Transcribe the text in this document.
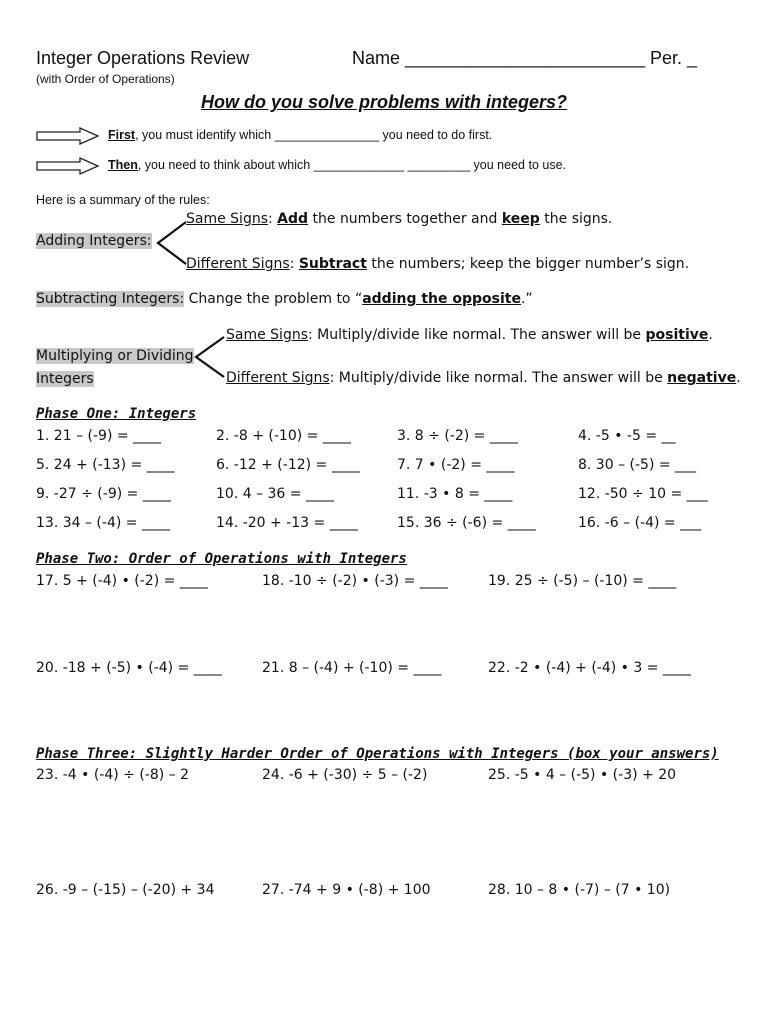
Integer Operations Review	Name ________________________ Per. _
(with Order of Operations)
How do you solve problems with integers?
First, you must identify which _______________ you need to do first.
Then, you need to think about which _____________ _________ you need to use.
Here is a summary of the rules:
Adding Integers:
Same Signs: Add the numbers together and keep the signs.
Different Signs: Subtract the numbers; keep the bigger number’s sign.
Subtracting Integers: Change the problem to “adding the opposite.”
Multiplying or Dividing
Integers
Same Signs: Multiply/divide like normal. The answer will be positive.
Different Signs: Multiply/divide like normal. The answer will be negative.
Phase One: Integers
1. 21 – (-9) = ____	2. -8 + (-10) = ____	3. 8 ÷ (-2) = ____	4. -5 • -5 = __
5. 24 + (-13) = ____	6. -12 + (-12) = ____	7. 7 • (-2) = ____	8. 30 – (-5) = ___
9. -27 ÷ (-9) = ____	10. 4 – 36 = ____	11. -3 • 8 = ____	12. -50 ÷ 10 = ___
13. 34 – (-4) = ____	14. -20 + -13 = ____	15. 36 ÷ (-6) = ____	16. -6 – (-4) = ___
Phase Two: Order of Operations with Integers
17. 5 + (-4) • (-2) = ____	18. -10 ÷ (-2) • (-3) = ____	19. 25 ÷ (-5) – (-10) = ____
20. -18 + (-5) • (-4) = ____	21. 8 – (-4) + (-10) = ____	22. -2 • (-4) + (-4) • 3 = ____
Phase Three: Slightly Harder Order of Operations with Integers (box your answers)
23. -4 • (-4) ÷ (-8) – 2	24. -6 + (-30) ÷ 5 – (-2)	25. -5 • 4 – (-5) • (-3) + 20
26. -9 – (-15) – (-20) + 34	27. -74 + 9 • (-8) + 100	28. 10 – 8 • (-7) – (7 • 10)
